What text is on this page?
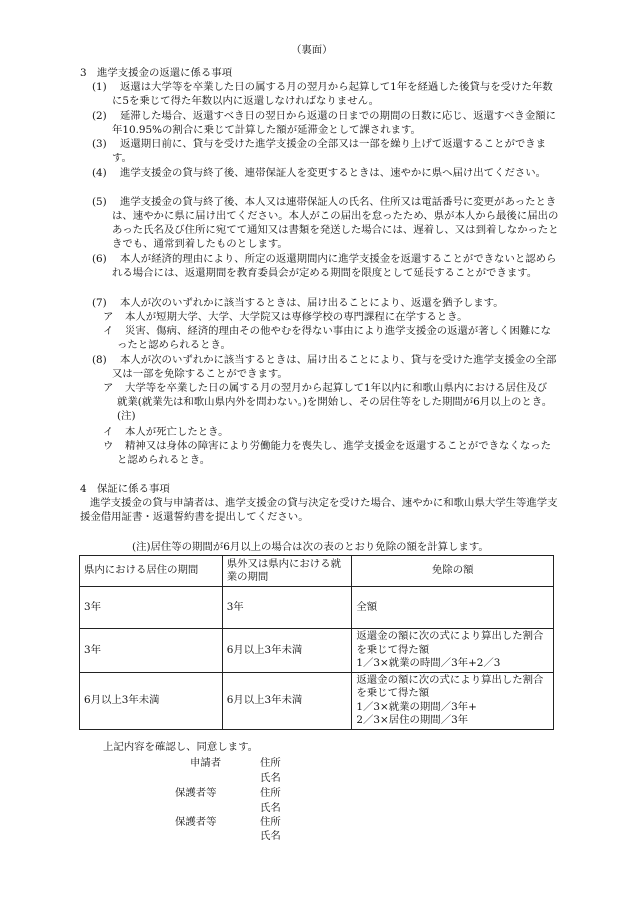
（裏面）
3　進学支援金の返還に係る事項
(1)	返還は大学等を卒業した日の属する月の翌月から起算して1年を経過した後貸与を受けた年数に5を乗じて得た年数以内に返還しなければなりません。
(2)	延滞した場合、返還すべき日の翌日から返還の日までの期間の日数に応じ、返還すべき金額に年10.95%の割合に乗じて計算した額が延滞金として課されます。
(3)	返還期日前に、貸与を受けた進学支援金の全部又は一部を繰り上げて返還することができます。
(4)	進学支援金の貸与終了後、連帯保証人を変更するときは、速やかに県へ届け出てください。
(5)	進学支援金の貸与終了後、本人又は連帯保証人の氏名、住所又は電話番号に変更があったときは、速やかに県に届け出てください。本人がこの届出を怠ったため、県が本人から最後に届出のあった氏名及び住所に宛てて通知又は書類を発送した場合には、遅着し、又は到着しなかったときでも、通常到着したものとします。
(6)	本人が経済的理由により、所定の返還期間内に進学支援金を返還することができないと認められる場合には、返還期間を教育委員会が定める期間を限度として延長することができます。
(7)	本人が次のいずれかに該当するときは、届け出ることにより、返還を猶予します。
ア	本人が短期大学、大学、大学院又は専修学校の専門課程に在学するとき。
イ	災害、傷病、経済的理由その他やむを得ない事由により進学支援金の返還が著しく困難になったと認められるとき。
(8)	本人が次のいずれかに該当するときは、届け出ることにより、貸与を受けた進学支援金の全部又は一部を免除することができます。
ア	大学等を卒業した日の属する月の翌月から起算して1年以内に和歌山県内における居住及び就業(就業先は和歌山県内外を問わない。)を開始し、その居住等をした期間が6月以上のとき。(注)
イ	本人が死亡したとき。
ウ	精神又は身体の障害により労働能力を喪失し、進学支援金を返還することができなくなったと認められるとき。
4　保証に係る事項
進学支援金の貸与申請者は、進学支援金の貸与決定を受けた場合、速やかに和歌山県大学生等進学支援金借用証書・返還誓約書を提出してください。
(注)居住等の期間が6月以上の場合は次の表のとおり免除の額を計算します。
県内における居住の期間	県外又は県内における就業の期間	免除の額
3年	3年	全額
3年	6月以上3年未満	返還金の額に次の式により算出した割合を乗じて得た額
1／3×就業の時間／3年+2／3

6月以上3年未満	6月以上3年未満	返還金の額に次の式により算出した割合を乗じて得た額
1／3×就業の期間／3年+
2／3×居住の期間／3年
上記内容を確認し、同意します。
申請者	住所
氏名
保護者等	住所
氏名
保護者等	住所
氏名
